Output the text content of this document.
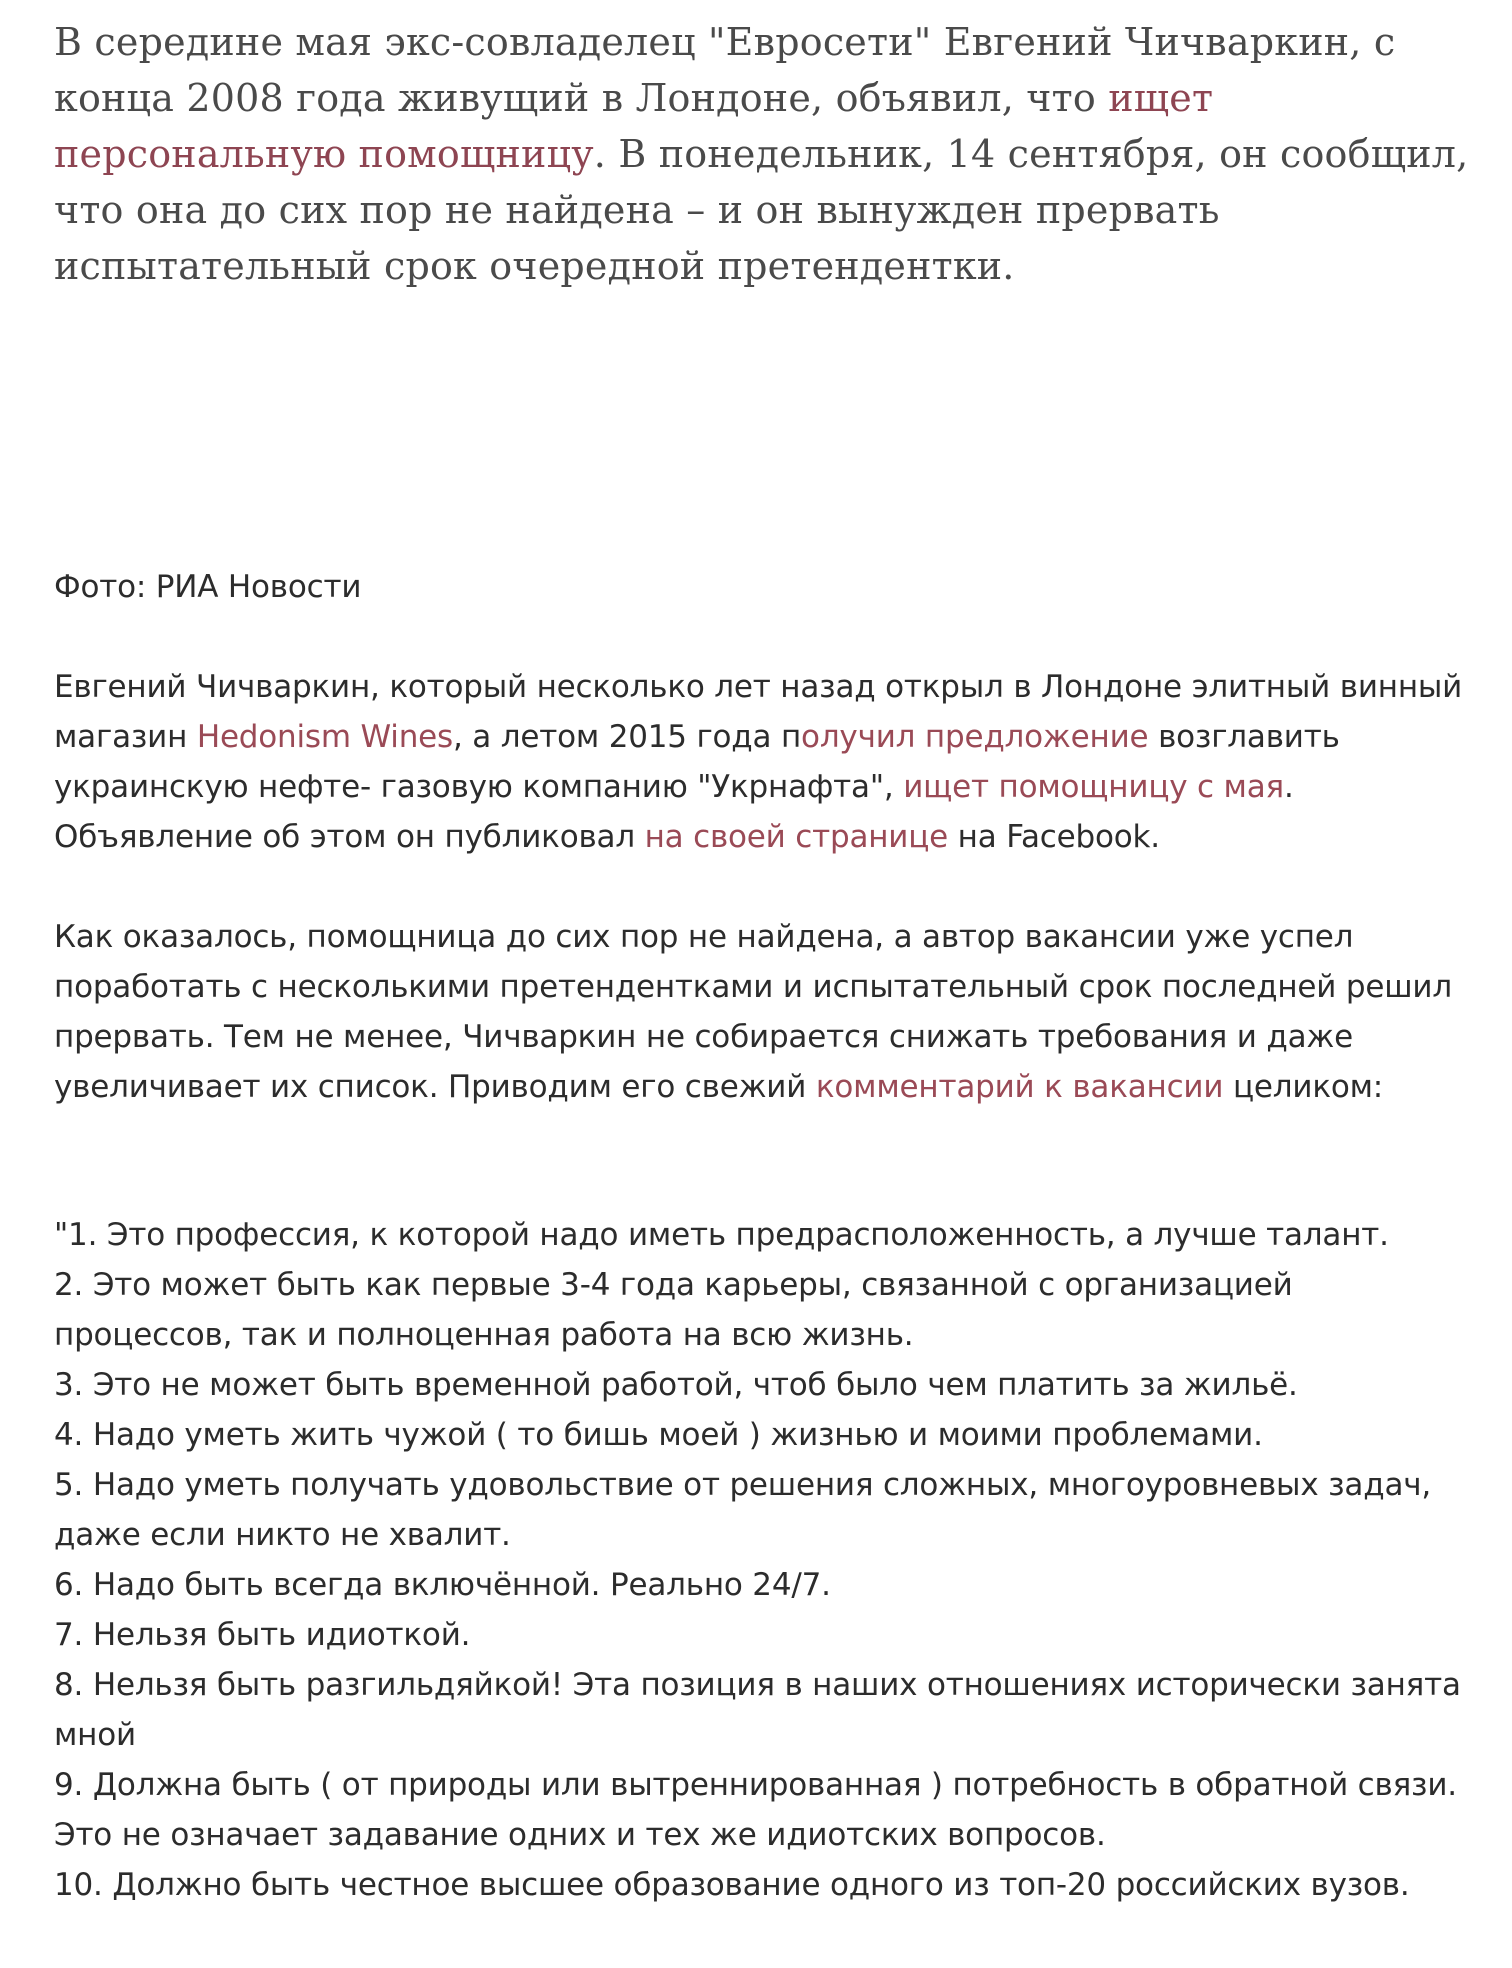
В середине мая экс-совладелец "Евросети" Евгений Чичваркин, с конца 2008 года живущий в Лондоне, объявил, что ищет персональную помощницу. В понедельник, 14 сентября, он сообщил, что она до сих пор не найдена – и он вынужден прервать испытательный срок очередной претендентки.

Фото: РИА Новости

Евгений Чичваркин, который несколько лет назад открыл в Лондоне элитный винный магазин Hedonism Wines, а летом 2015 года получил предложение возглавить украинскую нефте- газовую компанию "Укрнафта", ищет помощницу с мая. Объявление об этом он публиковал на своей странице на Facebook.

Как оказалось, помощница до сих пор не найдена, а автор вакансии уже успел поработать с несколькими претендентками и испытательный срок последней решил прервать. Тем не менее, Чичваркин не собирается снижать требования и даже увеличивает их список. Приводим его свежий комментарий к вакансии целиком:

"1. Это профессия, к которой надо иметь предрасположенность, а лучше талант.
2. Это может быть как первые 3-4 года карьеры, связанной с организацией процессов, так и полноценная работа на всю жизнь.
3. Это не может быть временной работой, чтоб было чем платить за жильё.
4. Надо уметь жить чужой ( то бишь моей ) жизнью и моими проблемами.
5. Надо уметь получать удовольствие от решения сложных, многоуровневых задач, даже если никто не хвалит.
6. Надо быть всегда включённой. Реально 24/7.
7. Нельзя быть идиоткой.
8. Нельзя быть разгильдяйкой! Эта позиция в наших отношениях исторически занята мной
9. Должна быть ( от природы или вытреннированная ) потребность в обратной связи. Это не означает задавание одних и тех же идиотских вопросов.
10. Должно быть честное высшее образование одного из топ-20 российских вузов.
